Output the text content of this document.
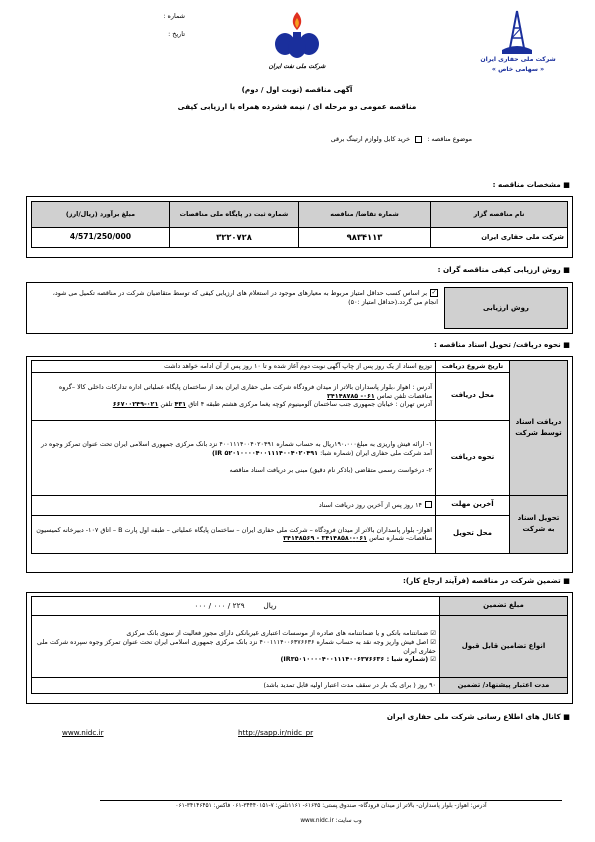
شماره :
تاریخ :
شرکت ملی نفت ایران
شرکت ملی حفاری ایران
« سهامی خاص »
آگهی مناقصه (نوبت اول / دوم)
مناقصه عمومی دو مرحله ای / نیمه فشرده همراه با ارزیابی کیفی
موضوع مناقصه :  خرید کابل ولوازم ارتینگ برقی
■ مشخصات مناقصه :
نام مناقصه گزار	شماره تقاضا/ مناقصه	شماره ثبت در پایگاه ملی مناقصات	مبلغ برآورد (ریال/ارز)
شرکت ملی حفاری ایران	۹۸۳۴۱۱۳	۳۲۲۰۷۲۸	4/571/250/000
■ روش ارزیابی کیفی مناقصه گران :
روش ارزیابی
✓بر اساس کسب حداقل امتیاز مربوط به معیارهای موجود در استعلام های ارزیابی کیفی که توسط متقاضیان شرکت در مناقصه تکمیل می شود، انجام می گردد.(حداقل امتیاز :۵۰)
■ نحوه دریافت/ تحویل اسناد مناقصه :
دریافت اسناد توسط شرکت	تاریخ شروع دریافت	توزیع اسناد از یک روز پس از چاپ آگهی نوبت دوم آغاز شده و تا ۱۰ روز پس از آن ادامه خواهد داشت
	محل دریافت	آدرس : اهواز ،بلوار پاسداران بالاتر از میدان فرودگاه شرکت ملی حفاری ایران بعد از ساختمان پایگاه عملیاتی اداره تدارکات داخلی کالا –گروه مناقصات تلفن تماس ۰۶۱- ۳۴۱۴۸۷۸۵
آدرس تهران : خیابان جمهوری جنب ساختمان آلومینیوم کوچه یغما مرکزی هشتم طبقه ۴ اتاق ۴۳۱ تلفن ۰۲۱-۶۶۷۰۰۲۴۹
	نحوه دریافت	۱- ارائه فیش واریزی به مبلغ۱۹۰،۰۰۰ریال به حساب شماره ۴۰۰۱۱۱۴۰۰۴۰۲۰۴۹۱ نزد بانک مرکزی جمهوری اسلامی ایران تحت عنوان تمرکز وجوه در آمد شرکت ملی حفاری ایران (شماره شبا: IR ۵۲۰۱۰۰۰۰۴۰۰۱۱۱۴۰۰۴۰۲۰۴۹۱)

۲- درخواست رسمی متقاضی (باذکر نام دقیق) مبنی بر دریافت اسناد مناقصه
تحویل اسناد به شرکت	آخرین مهلت	۱۴ روز پس از آخرین روز دریافت اسناد
	محل تحویل	اهواز- بلوار پاسداران بالاتر از میدان فرودگاه – شرکت ملی حفاری ایران – ساختمان پایگاه عملیاتی – طبقه اول پارت B – اتاق ۱۰۷- دبیرخانه کمیسیون مناقصات- شماره تماس ۰۶۱-۳۴۱۴۸۵۸۰ - ۳۴۱۴۸۵۶۹
■ تضمین شرکت در مناقصه (فرآیند ارجاع کار):
مبلغ تضمین	ریال        ۲۲۹ / ۰۰۰ / ۰۰۰
انواع تضامین قابل قبول	☑ ضمانتنامه بانکی و یا ضمانتنامه های صادره از موسسات اعتباری غیربانکی دارای مجوز فعالیت از سوی بانک مرکزی
☑ اصل فیش واریز وجه نقد به حساب شماره ۴۰۰۱۱۱۴۰۰۶۳۷۶۶۳۶ نزد بانک مرکزی جمهوری اسلامی ایران تحت عنوان تمرکز وجوه سپرده شرکت ملی حفاری ایران
☑ (شماره شبا : IR۳۵۰۱۰۰۰۰۴۰۰۱۱۱۴۰۰۶۳۷۶۶۳۶)

مدت اعتبار پیشنهاد/ تضمین	۹۰ روز ( برای یک بار در سقف مدت اعتبار اولیه قابل تمدید باشد)
■ کانال های اطلاع رسانی شرکت ملی حفاری ایران
www.nidc.ir	http://sapp.ir/nidc_pr
آدرس: اهواز- بلوار پاسداران- بالاتر از میدان فرودگاه- صندوق پستی: ۶۱۶۳۵- ۱۱۶۱تلفن: ۷-۳۴۴۴۰۱۵۱-۰۶۱ فاکس: ۳۴۱۴۶۴۵۱-۰۶۱
وب سایت: www.nidc.ir
